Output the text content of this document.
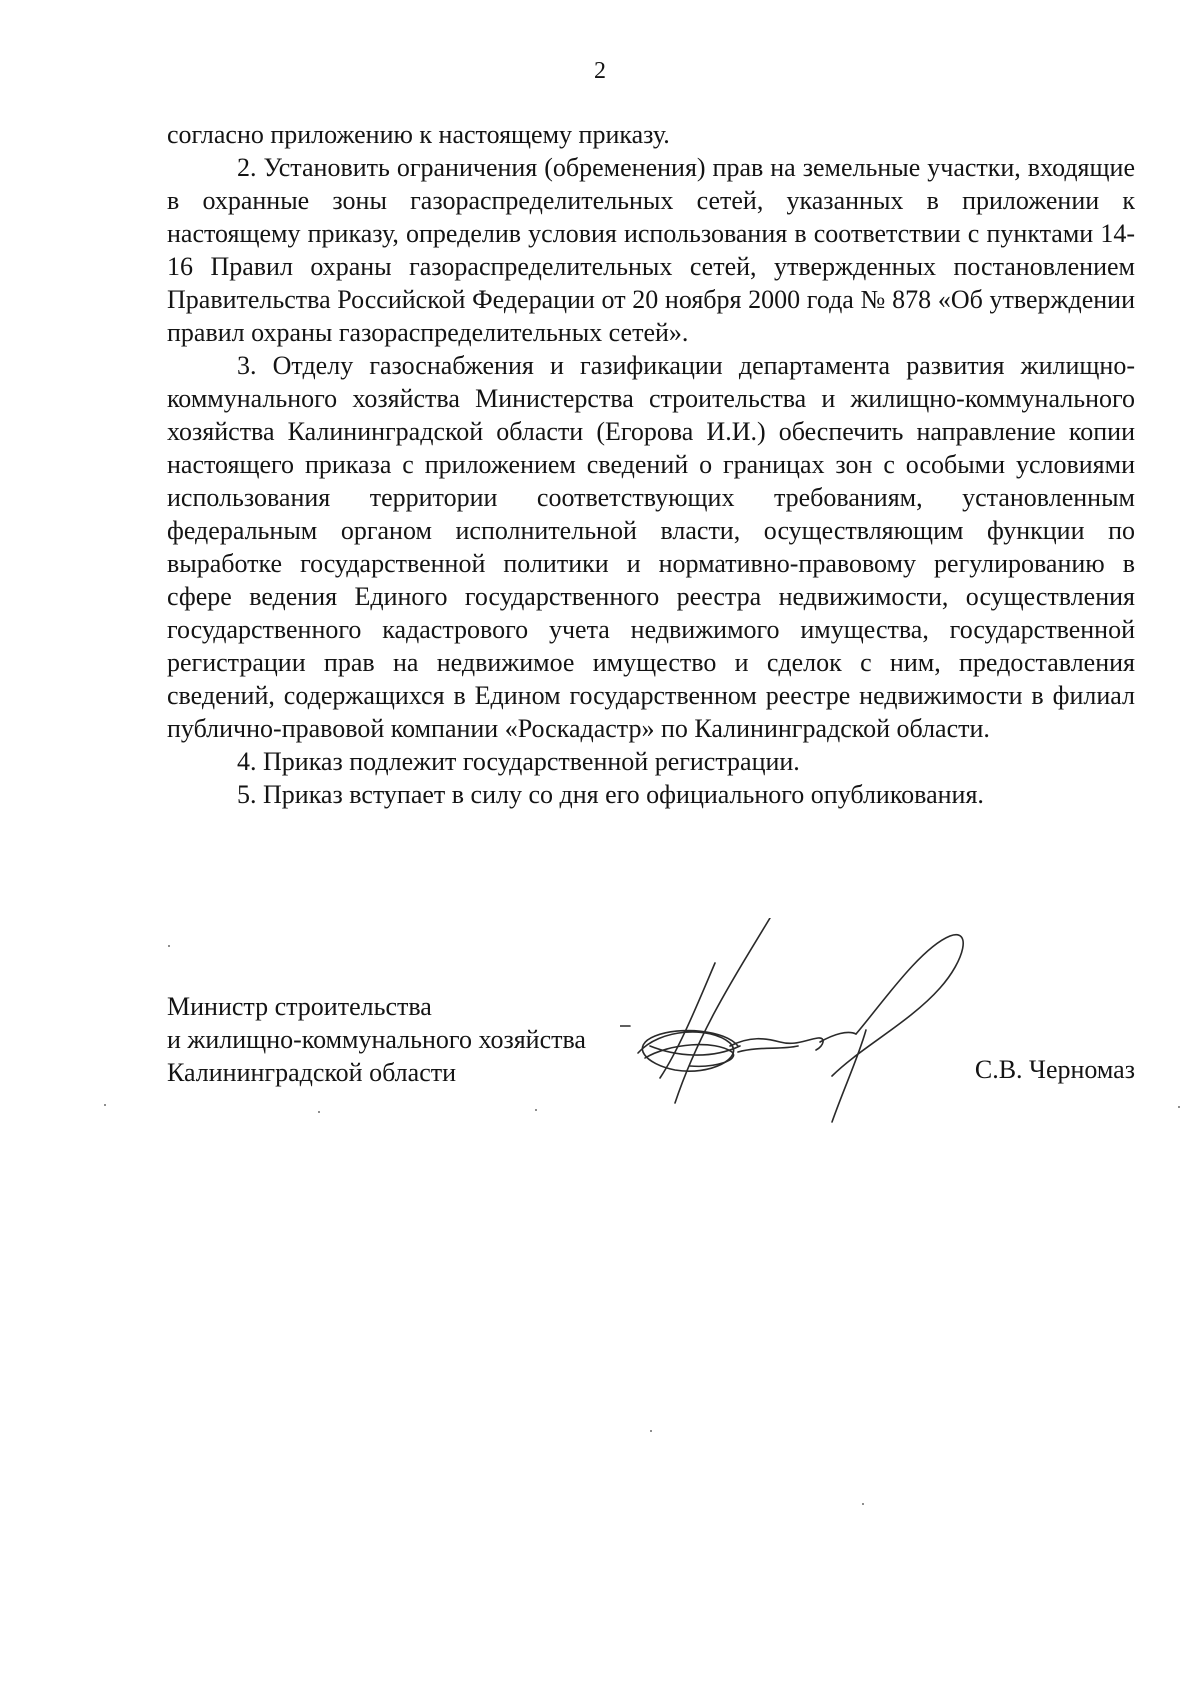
2

согласно приложению к настоящему приказу.

2. Установить ограничения (обременения) прав на земельные участки, входящие в охранные зоны газораспределительных сетей, указанных в приложении к настоящему приказу, определив условия использования в соответствии с пунктами 14-16 Правил охраны газораспределительных сетей, утвержденных постановлением Правительства Российской Федерации от 20 ноября 2000 года № 878 «Об утверждении правил охраны газораспределительных сетей».

3. Отделу газоснабжения и газификации департамента развития жилищно-коммунального хозяйства Министерства строительства и жилищно-коммунального хозяйства Калининградской области (Егорова И.И.) обеспечить направление копии настоящего приказа с приложением сведений о границах зон с особыми условиями использования территории соответствующих требованиям, установленным федеральным органом исполнительной власти, осуществляющим функции по выработке государственной политики и нормативно-правовому регулированию в сфере ведения Единого государственного реестра недвижимости, осуществления государственного кадастрового учета недвижимого имущества, государственной регистрации прав на недвижимое имущество и сделок с ним, предоставления сведений, содержащихся в Едином государственном реестре недвижимости в филиал публично-правовой компании «Роскадастр» по Калининградской области.

4. Приказ подлежит государственной регистрации.

5. Приказ вступает в силу со дня его официального опубликования.

Министр строительства
и жилищно-коммунального хозяйства
Калининградской области	С.В. Черномаз
